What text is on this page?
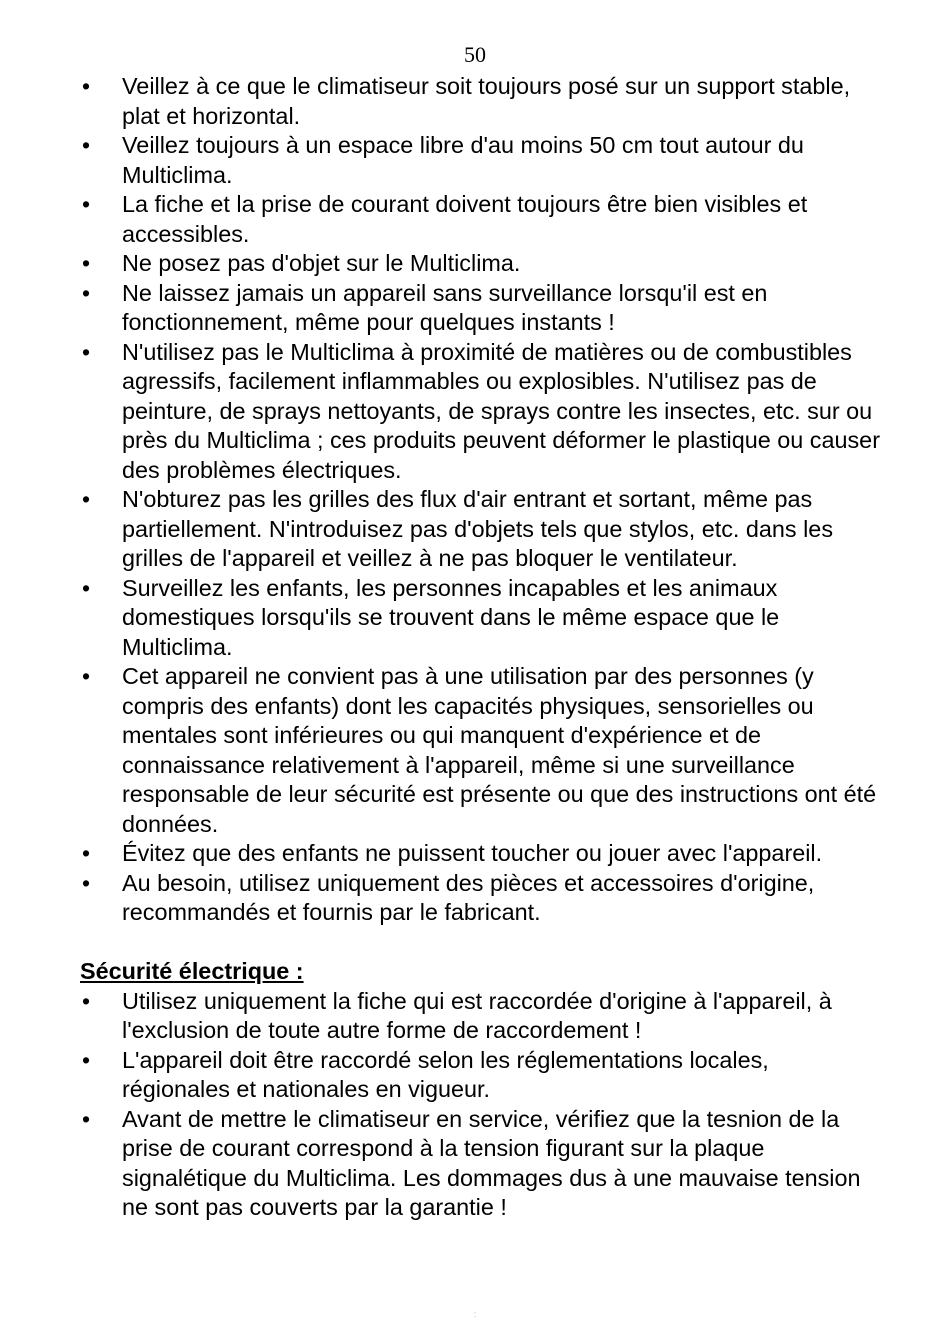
50
•	Veillez à ce que le climatiseur soit toujours posé sur un support stable, plat et horizontal.
•	Veillez toujours à un espace libre d'au moins 50 cm tout autour du Multiclima.
•	La fiche et la prise de courant doivent toujours être bien visibles et accessibles.
•	Ne posez pas d'objet sur le Multiclima.
•	Ne laissez jamais un appareil sans surveillance lorsqu'il est en fonctionnement, même pour quelques instants !
•	N'utilisez pas le Multiclima à proximité de matières ou de combustibles agressifs, facilement inflammables ou explosibles. N'utilisez pas de peinture, de sprays nettoyants, de sprays contre les insectes, etc. sur ou près du Multiclima ; ces produits peuvent déformer le plastique ou causer des problèmes électriques.
•	N'obturez pas les grilles des flux d'air entrant et sortant, même pas partiellement. N'introduisez pas d'objets tels que stylos, etc. dans les grilles de l'appareil et veillez à ne pas bloquer le ventilateur.
•	Surveillez les enfants, les personnes incapables et les animaux domestiques lorsqu'ils se trouvent dans le même espace que le Multiclima.
•	Cet appareil ne convient pas à une utilisation par des personnes (y compris des enfants) dont les capacités physiques, sensorielles ou mentales sont inférieures ou qui manquent d'expérience et de connaissance relativement à l'appareil, même si une surveillance responsable de leur sécurité est présente ou que des instructions ont été données.
•	Évitez que des enfants ne puissent toucher ou jouer avec l'appareil.
•	Au besoin, utilisez uniquement des pièces et accessoires d'origine, recommandés et fournis par le fabricant.

Sécurité électrique :

•	Utilisez uniquement la fiche qui est raccordée d'origine à l'appareil, à l'exclusion de toute autre forme de raccordement !
•	L'appareil doit être raccordé selon les réglementations locales, régionales et nationales en vigueur.
•	Avant de mettre le climatiseur en service, vérifiez que la tesnion de la prise de courant correspond à la tension figurant sur la plaque signalétique du Multiclima. Les dommages dus à une mauvaise tension ne sont pas couverts par la garantie !
:
